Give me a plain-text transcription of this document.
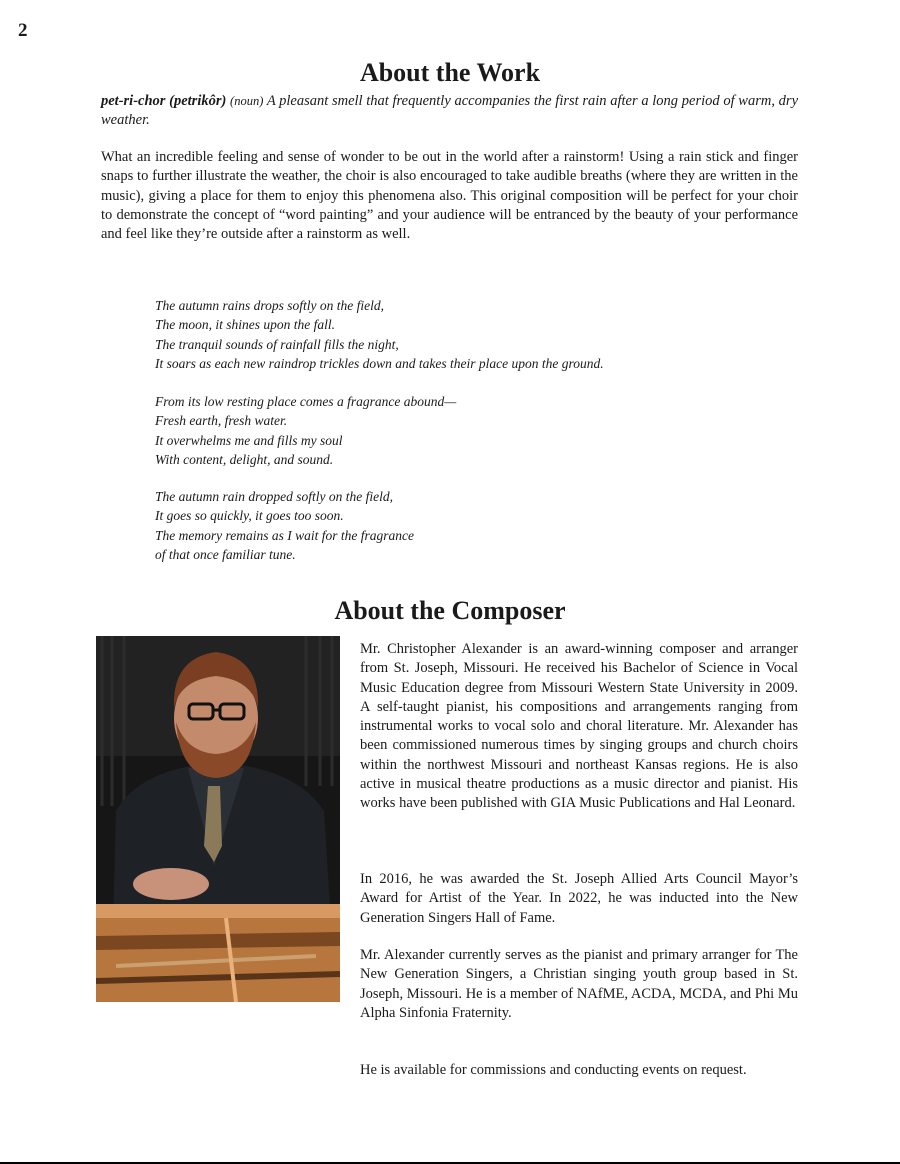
2
About the Work
pet-ri-chor (petrikôr) (noun) A pleasant smell that frequently accompanies the first rain after a long period of warm, dry weather.
What an incredible feeling and sense of wonder to be out in the world after a rainstorm! Using a rain stick and finger snaps to further illustrate the weather, the choir is also encouraged to take audible breaths (where they are written in the music), giving a place for them to enjoy this phenomena also. This original composition will be perfect for your choir to demonstrate the concept of “word painting” and your audience will be entranced by the beauty of your performance and feel like they’re outside after a rainstorm as well.
The autumn rains drops softly on the field,
The moon, it shines upon the fall.
The tranquil sounds of rainfall fills the night,
It soars as each new raindrop trickles down and takes their place upon the ground.
From its low resting place comes a fragrance abound—
Fresh earth, fresh water.
It overwhelms me and fills my soul
With content, delight, and sound.
The autumn rain dropped softly on the field,
It goes so quickly, it goes too soon.
The memory remains as I wait for the fragrance
of that once familiar tune.
About the Composer
Mr. Christopher Alexander is an award-winning composer and arranger from St. Joseph, Missouri. He received his Bachelor of Science in Vocal Music Education degree from Missouri Western State University in 2009. A self-taught pianist, his compositions and arrangements ranging from instrumental works to vocal solo and choral literature. Mr. Alexander has been commissioned numerous times by singing groups and church choirs within the northwest Missouri and northeast Kansas regions. He is also active in musical theatre productions as a music director and pianist. His works have been published with GIA Music Publications and Hal Leonard.
In 2016, he was awarded the St. Joseph Allied Arts Council Mayor’s Award for Artist of the Year. In 2022, he was inducted into the New Generation Singers Hall of Fame.
Mr. Alexander currently serves as the pianist and primary arranger for The New Generation Singers, a Christian singing youth group based in St. Joseph, Missouri. He is a member of NAfME, ACDA, MCDA, and Phi Mu Alpha Sinfonia Fraternity.
He is available for commissions and conducting events on request.
